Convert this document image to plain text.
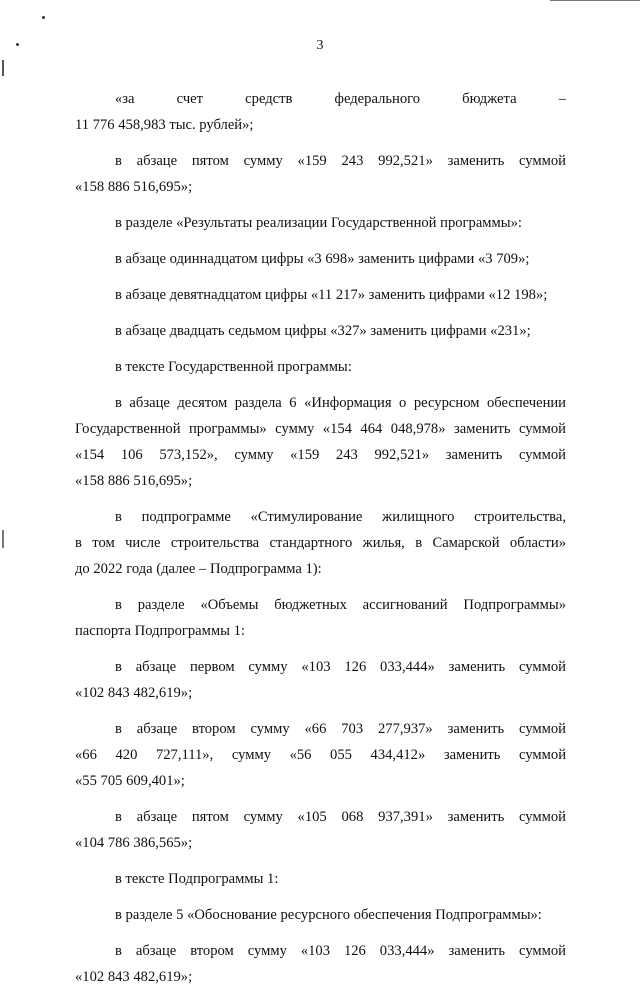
3
«за счет средств федерального бюджета –
11 776 458,983 тыс. рублей»;
в абзаце пятом сумму «159 243 992,521» заменить суммой
«158 886 516,695»;
в разделе «Результаты реализации Государственной программы»:
в абзаце одиннадцатом цифры «3 698» заменить цифрами «3 709»;
в абзаце девятнадцатом цифры «11 217» заменить цифрами «12 198»;
в абзаце двадцать седьмом цифры «327» заменить цифрами «231»;
в тексте Государственной программы:
в абзаце десятом раздела 6 «Информация о ресурсном обеспечении
Государственной программы» сумму «154 464 048,978» заменить суммой
«154 106 573,152», сумму «159 243 992,521» заменить суммой
«158 886 516,695»;
в подпрограмме «Стимулирование жилищного строительства,
в том числе строительства стандартного жилья, в Самарской области»
до 2022 года (далее – Подпрограмма 1):
в разделе «Объемы бюджетных ассигнований Подпрограммы»
паспорта Подпрограммы 1:
в абзаце первом сумму «103 126 033,444» заменить суммой
«102 843 482,619»;
в абзаце втором сумму «66 703 277,937» заменить суммой
«66 420 727,111», сумму «56 055 434,412» заменить суммой
«55 705 609,401»;
в абзаце пятом сумму «105 068 937,391» заменить суммой
«104 786 386,565»;
в тексте Подпрограммы 1:
в разделе 5 «Обоснование ресурсного обеспечения Подпрограммы»:
в абзаце втором сумму «103 126 033,444» заменить суммой
«102 843 482,619»;
